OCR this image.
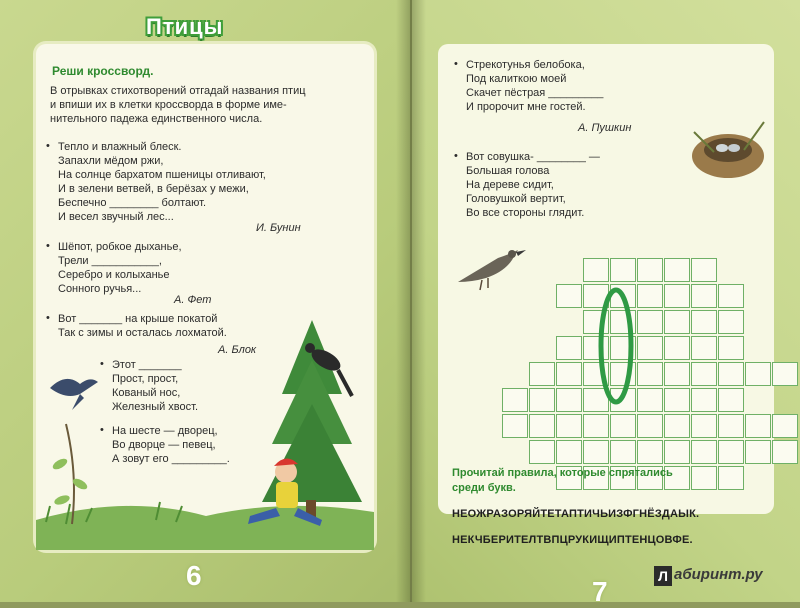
Птицы
Реши кроссворд.
В отрывках стихотворений отгадай названия птиц
и впиши их в клетки кроссворда в форме име-
нительного падежа единственного числа.
• Тепло и влажный блеск.
Запахли мёдом ржи,
На солнце бархатом пшеницы отливают,
И в зелени ветвей, в берёзах у межи,
Беспечно ________ болтают.
И весел звучный лес...
И. Бунин
• Шёпот, робкое дыханье,
Трели ___________,
Серебро и колыханье
Сонного ручья...
А. Фет
• Вот _______ на крыше покатой
Так с зимы и осталась лохматой.
А. Блок
• Этот _______
Прост, прост,
Кованый нос,
Железный хвост.
• На шесте — дворец,
Во дворце — певец,
А зовут его _________.
6
• Стрекотунья белобока,
Под калиткою моей
Скачет пёстрая _________
И пророчит мне гостей.
А. Пушкин
• Вот совушка- ________ —
Большая голова
На дереве сидит,
Головушкой вертит,
Во все стороны глядит.
Прочитай правила, которые спрятались
среди букв.
НЕОЖРАЗОРЯЙТЕТАПТИЧЬИЗФГНЁЗДАЫК.
НЕКЧБЕРИТЕЛТВПЦРУКИЩИПТЕНЦОВФЕ.
7	Л абиринт.ру
